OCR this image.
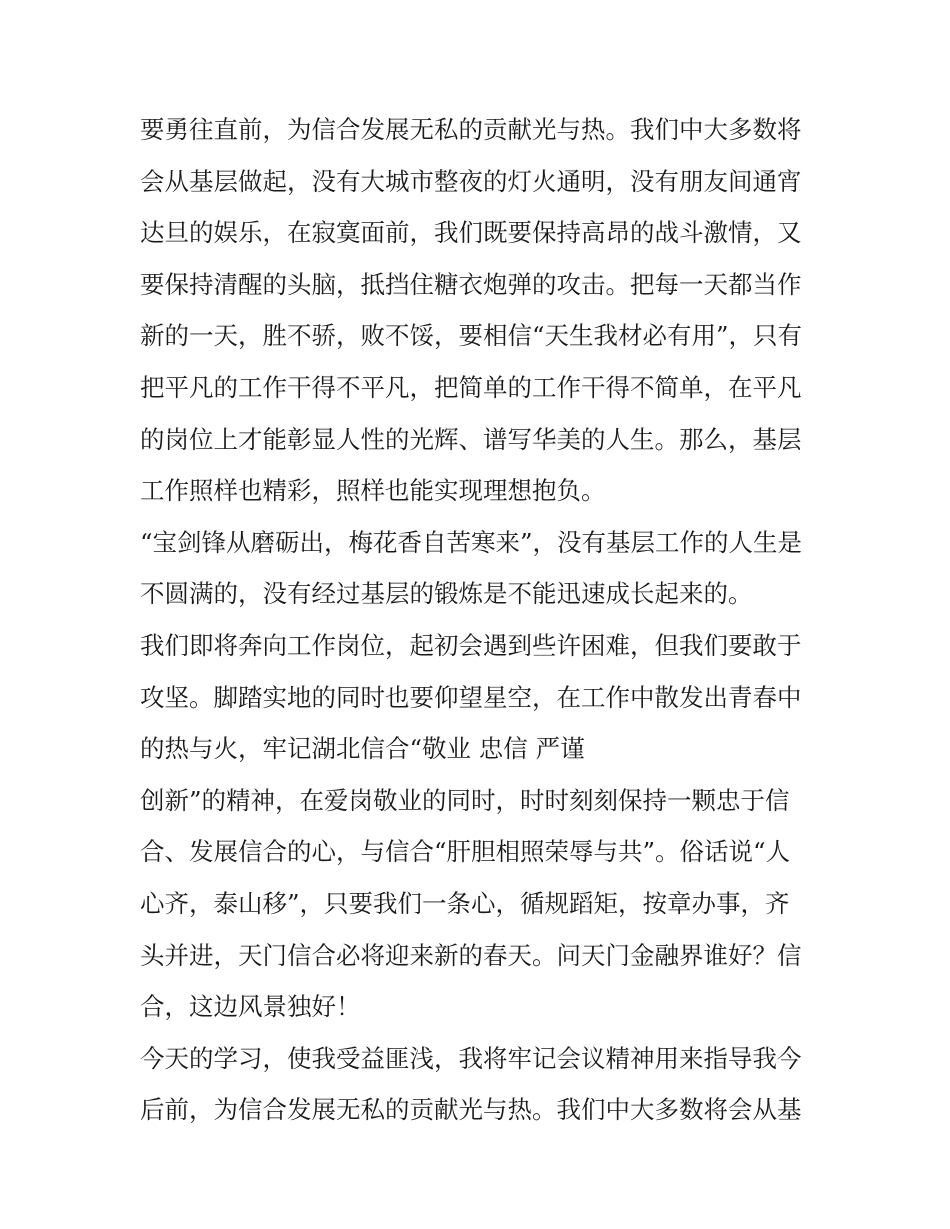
要勇往直前，为信合发展无私的贡献光与热。我们中大多数将
会从基层做起，没有大城市整夜的灯火通明，没有朋友间通宵
达旦的娱乐，在寂寞面前，我们既要保持高昂的战斗激情，又
要保持清醒的头脑，抵挡住糖衣炮弹的攻击。把每一天都当作
新的一天，胜不骄，败不馁，要相信“天生我材必有用”，只有
把平凡的工作干得不平凡，把简单的工作干得不简单，在平凡
的岗位上才能彰显人性的光辉、谱写华美的人生。那么，基层
工作照样也精彩，照样也能实现理想抱负。
“宝剑锋从磨砺出，梅花香自苦寒来”，没有基层工作的人生是
不圆满的，没有经过基层的锻炼是不能迅速成长起来的。
我们即将奔向工作岗位，起初会遇到些许困难，但我们要敢于
攻坚。脚踏实地的同时也要仰望星空，在工作中散发出青春中
的热与火，牢记湖北信合“敬业 忠信 严谨
创新”的精神，在爱岗敬业的同时，时时刻刻保持一颗忠于信
合、发展信合的心，与信合“肝胆相照荣辱与共”。俗话说“人
心齐，泰山移”，只要我们一条心，循规蹈矩，按章办事，齐
头并进，天门信合必将迎来新的春天。问天门金融界谁好？信
合，这边风景独好！
今天的学习，使我受益匪浅，我将牢记会议精神用来指导我今
后前，为信合发展无私的贡献光与热。我们中大多数将会从基
